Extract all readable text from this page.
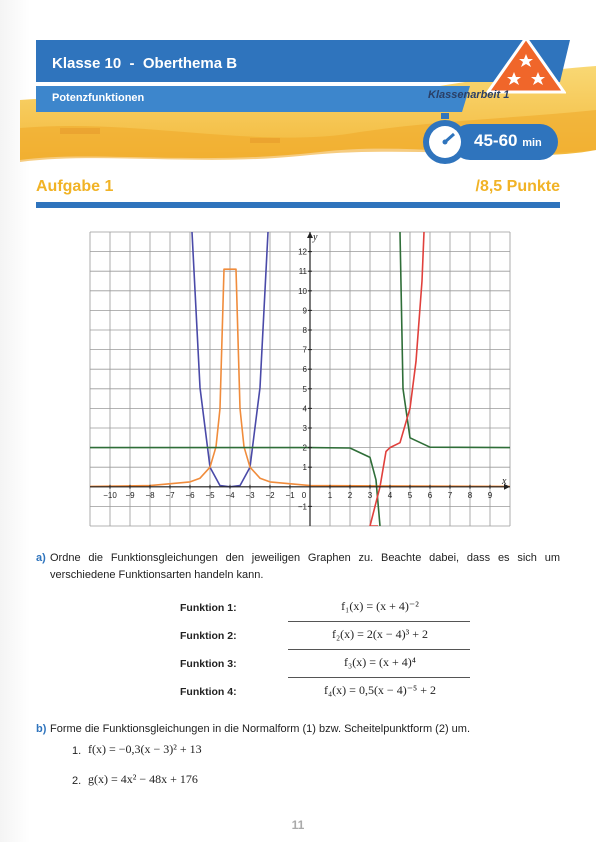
Klasse 10  -  Oberthema B
Potenzfunktionen	Klassenarbeit 1
45-60 min
Aufgabe 1	/8,5 Punkte
x
y
−10 −9 −8 −7 −6 −5 −4 −3 −2 −1 0	1 2 3 4 5 6 7 8 9
12
11
10
9
8
7
6
5
4
3
2
1
−1
a) Ordne die Funktionsgleichungen den jeweiligen Graphen zu. Beachte dabei, dass es sich um verschiedene Funktionsarten handeln kann.
Funktion 1:	f₁(x) = (x + 4)⁻²
Funktion 2:	f₂(x) = 2(x − 4)³ + 2
Funktion 3:	f₃(x) = (x + 4)⁴
Funktion 4:	f₄(x) = 0,5(x − 4)⁻⁵ + 2
b) Forme die Funktionsgleichungen in die Normalform (1) bzw. Scheitelpunktform (2) um.
1. f(x) = −0,3(x − 3)² + 13
2. g(x) = 4x² − 48x + 176
11
